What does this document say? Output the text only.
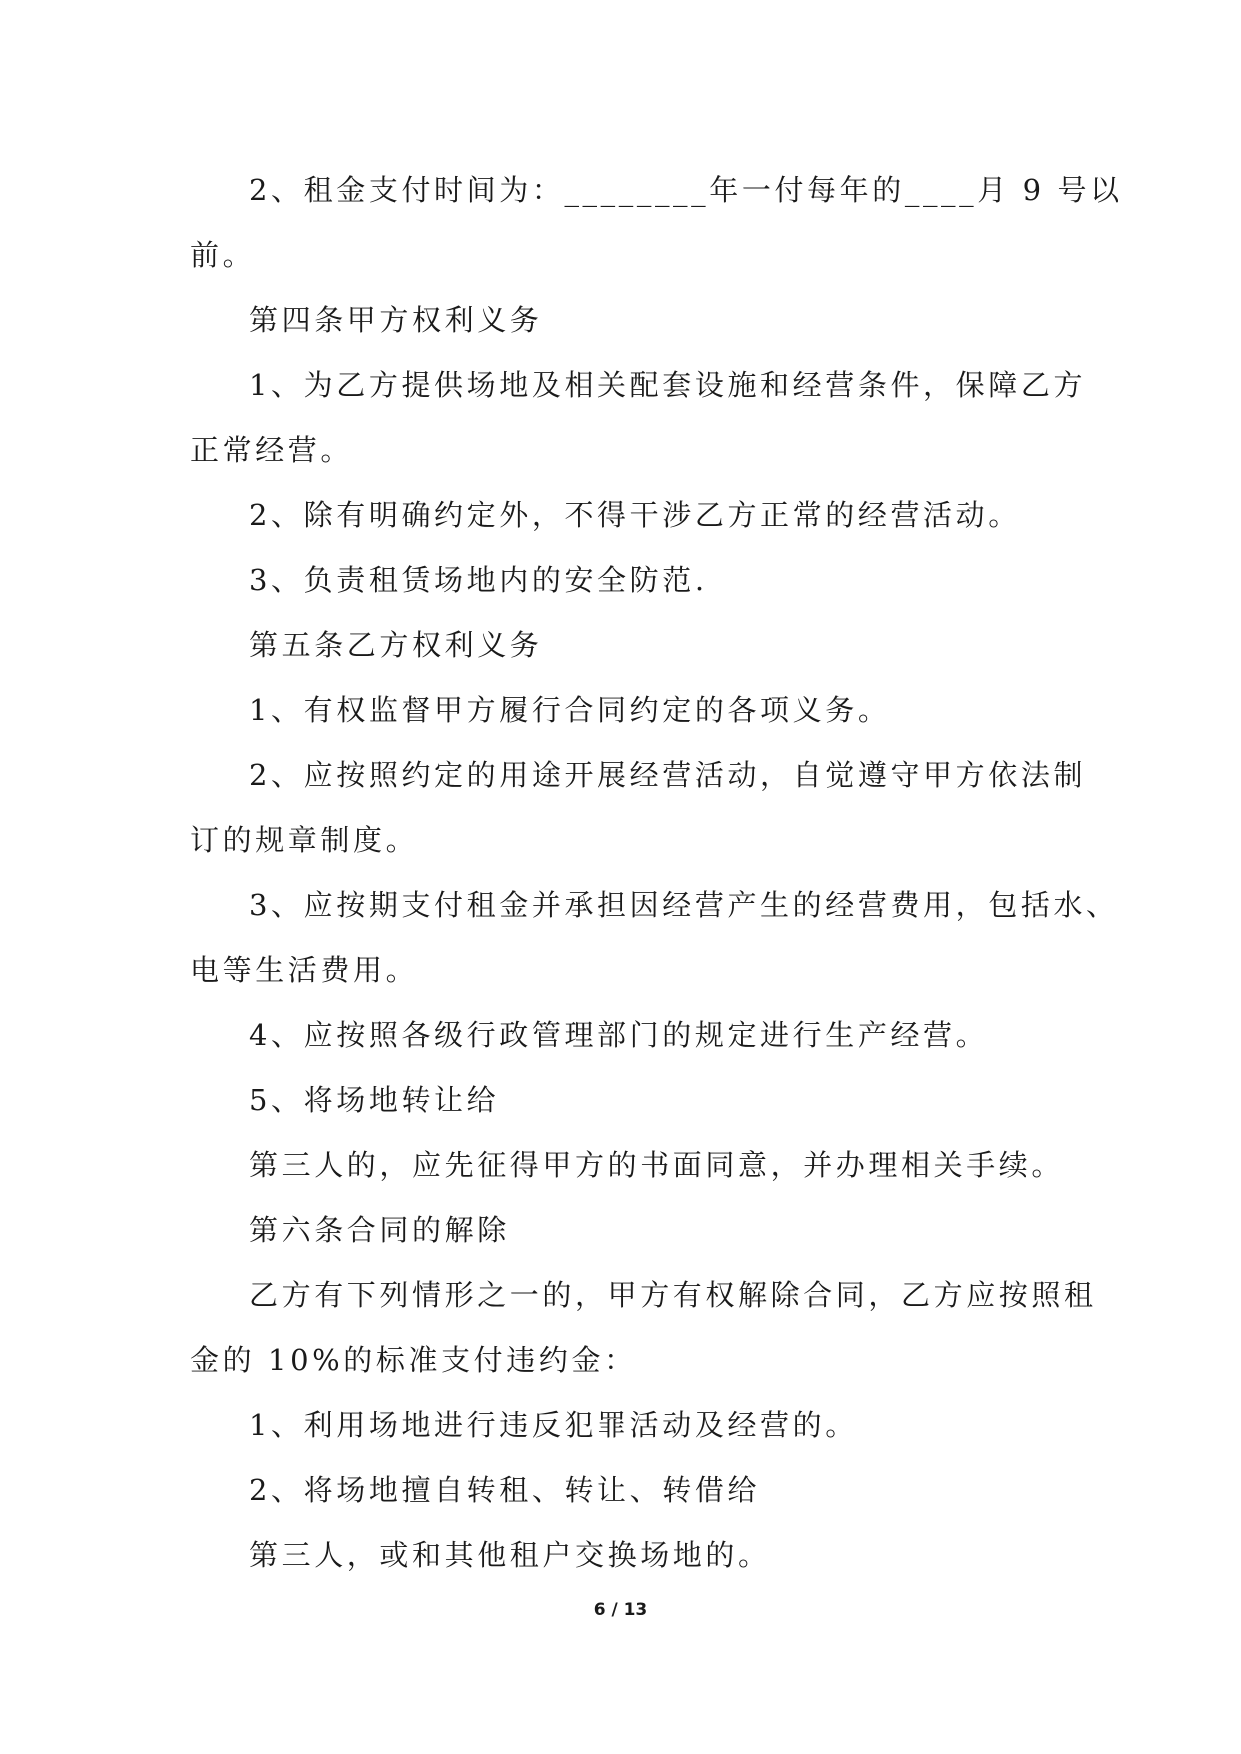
2、租金支付时间为：________年一付每年的____月 9 号以
前。
第四条甲方权利义务
1、为乙方提供场地及相关配套设施和经营条件，保障乙方
正常经营。
2、除有明确约定外，不得干涉乙方正常的经营活动。
3、负责租赁场地内的安全防范.
第五条乙方权利义务
1、有权监督甲方履行合同约定的各项义务。
2、应按照约定的用途开展经营活动，自觉遵守甲方依法制
订的规章制度。
3、应按期支付租金并承担因经营产生的经营费用，包括水、
电等生活费用。
4、应按照各级行政管理部门的规定进行生产经营。
5、将场地转让给
第三人的，应先征得甲方的书面同意，并办理相关手续。
第六条合同的解除
乙方有下列情形之一的，甲方有权解除合同，乙方应按照租
金的 10%的标准支付违约金：
1、利用场地进行违反犯罪活动及经营的。
2、将场地擅自转租、转让、转借给
第三人，或和其他租户交换场地的。
6 / 13
